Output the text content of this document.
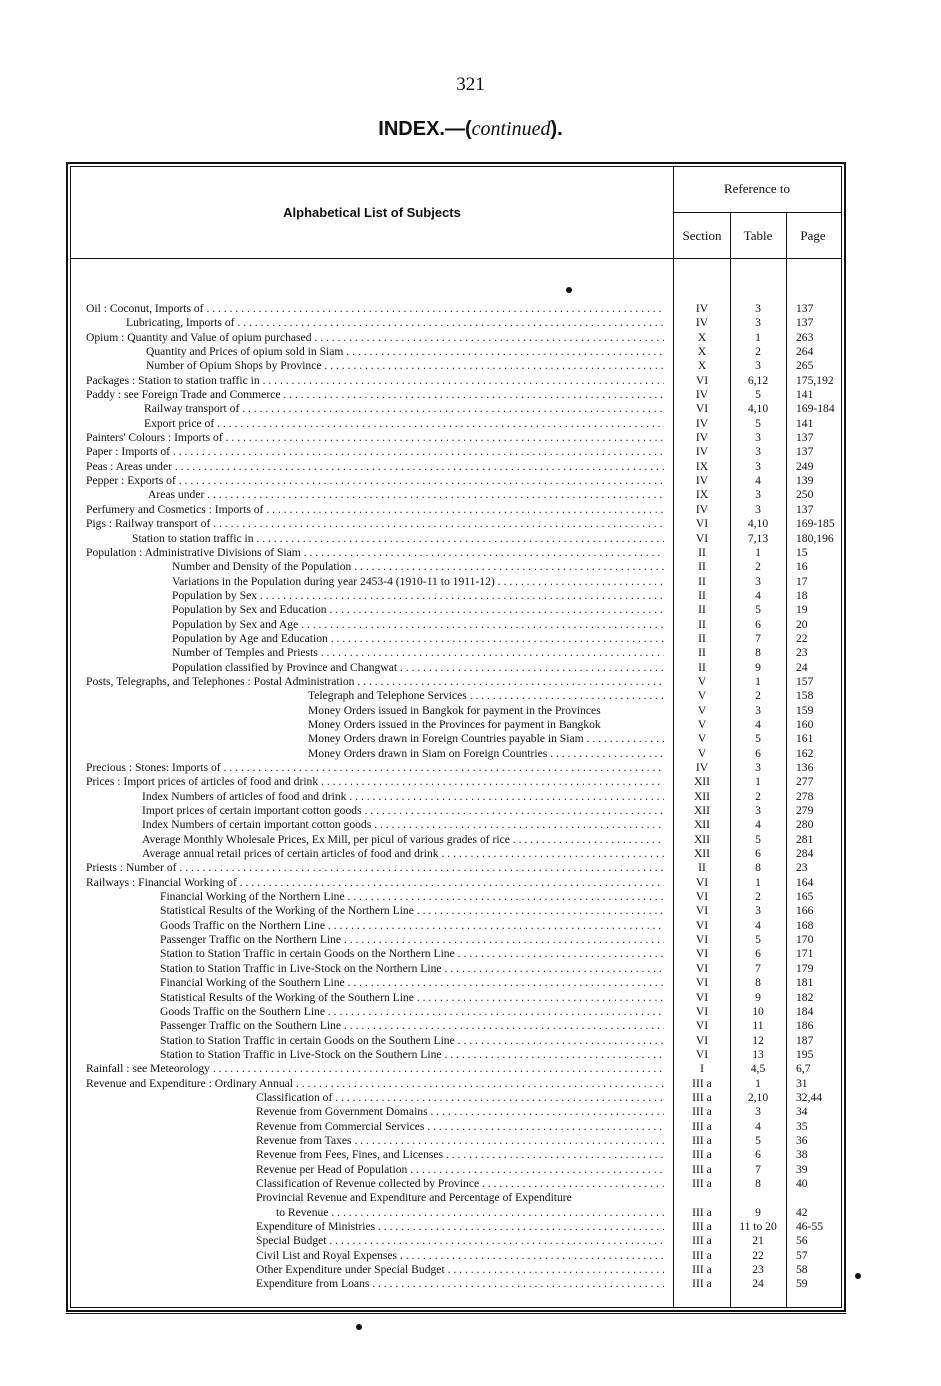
321
INDEX.—(continued).
Alphabetical List of Subjects
Reference to
Section	Table	Page
Oil : Coconut, Imports of . . .	IV	3	137
Lubricating, Imports of . . .	IV	3	137
Opium : Quantity and Value of opium purchased . . .	X	1	263
Quantity and Prices of opium sold in Siam . . .	X	2	264
Number of Opium Shops by Province . . .	X	3	265
Packages : Station to station traffic in . . .	VI	6,12	175,192
Paddy : see Foreign Trade and Commerce . . .	IV	5	141
Railway transport of . . .	VI	4,10	169-184
Export price of . . .	IV	5	141
Painters' Colours : Imports of . . .	IV	3	137
Paper : Imports of . . .	IV	3	137
Peas : Areas under . . .	IX	3	249
Pepper : Exports of . . .	IV	4	139
Areas under . . .	IX	3	250
Perfumery and Cosmetics : Imports of . . .	IV	3	137
Pigs : Railway transport of . . .	VI	4,10	169-185
Station to station traffic in . . .	VI	7,13	180,196
Population : Administrative Divisions of Siam . . .	II	1	15
Number and Density of the Population . . .	II	2	16
Variations in the Population during year 2453-4 (1910-11 to 1911-12) . . .	II	3	17
Population by Sex . . .	II	4	18
Population by Sex and Education . . .	II	5	19
Population by Sex and Age . . .	II	6	20
Population by Age and Education . . .	II	7	22
Number of Temples and Priests . . .	II	8	23
Population classified by Province and Changwat . . .	II	9	24
Posts, Telegraphs, and Telephones : Postal Administration . . .	V	1	157
Telegraph and Telephone Services . . .	V	2	158
Money Orders issued in Bangkok for payment in the Provinces	V	3	159
Money Orders issued in the Provinces for payment in Bangkok	V	4	160
Money Orders drawn in Foreign Countries payable in Siam . . .	V	5	161
Money Orders drawn in Siam on Foreign Countries . . .	V	6	162
Precious : Stones: Imports of . . .	IV	3	136
Prices : Import prices of articles of food and drink . . .	XII	1	277
Index Numbers of articles of food and drink . . .	XII	2	278
Import prices of certain important cotton goods . . .	XII	3	279
Index Numbers of certain important cotton goods . . .	XII	4	280
Average Monthly Wholesale Prices, Ex Mill, per picul of various grades of rice . . .	XII	5	281
Average annual retail prices of certain articles of food and drink . . .	XII	6	284
Priests : Number of . . .	II	8	23
Railways : Financial Working of . . .	VI	1	164
Financial Working of the Northern Line . . .	VI	2	165
Statistical Results of the Working of the Northern Line . . .	VI	3	166
Goods Traffic on the Northern Line . . .	VI	4	168
Passenger Traffic on the Northern Line . . .	VI	5	170
Station to Station Traffic in certain Goods on the Northern Line . . .	VI	6	171
Station to Station Traffic in Live-Stock on the Northern Line . . .	VI	7	179
Financial Working of the Southern Line . . .	VI	8	181
Statistical Results of the Working of the Southern Line . . .	VI	9	182
Goods Traffic on the Southern Line . . .	VI	10	184
Passenger Traffic on the Southern Line . . .	VI	11	186
Station to Station Traffic in certain Goods on the Southern Line . . .	VI	12	187
Station to Station Traffic in Live-Stock on the Southern Line . . .	VI	13	195
Rainfall : see Meteorology . . .	I	4,5	6,7
Revenue and Expenditure : Ordinary Annual . . .	III a	1	31
Classification of . . .	III a	2,10	32,44
Revenue from Government Domains . . .	III a	3	34
Revenue from Commercial Services . . .	III a	4	35
Revenue from Taxes . . .	III a	5	36
Revenue from Fees, Fines, and Licenses . . .	III a	6	38
Revenue per Head of Population . . .	III a	7	39
Classification of Revenue collected by Province . . .	III a	8	40
Provincial Revenue and Expenditure and Percentage of Expenditure
to Revenue . . .	III a	9	42
Expenditure of Ministries . . .	III a	11 to 20	46-55
Special Budget . . .	III a	21	56
Civil List and Royal Expenses . . .	III a	22	57
Other Expenditure under Special Budget . . .	III a	23	58
Expenditure from Loans . . .	III a	24	59
